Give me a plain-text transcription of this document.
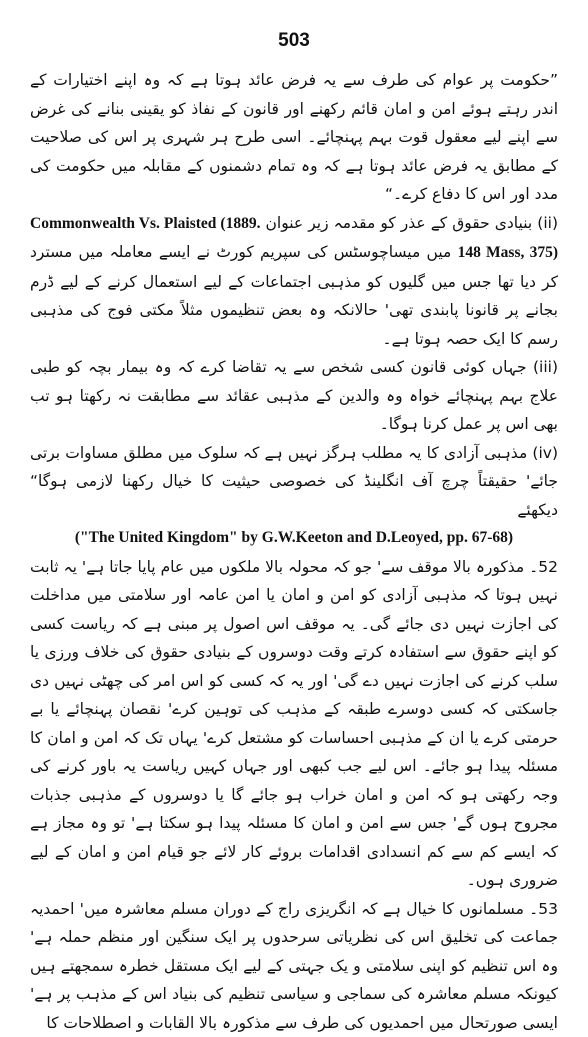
503

”حکومت پر عوام کی طرف سے یہ فرض عائد ہوتا ہے کہ وہ اپنے اختیارات کے اندر رہتے ہوئے امن و امان قائم رکھنے اور قانون کے نفاذ کو یقینی بنانے کی غرض سے اپنے لیے معقول قوت بہم پہنچائے۔ اسی طرح ہر شہری پر اس کی صلاحیت کے مطابق یہ فرض عائد ہوتا ہے کہ وہ تمام دشمنوں کے مقابلہ میں حکومت کی مدد اور اس کا دفاع کرے۔“

(ii) بنیادی حقوق کے عذر کو مقدمہ زیر عنوان Commonwealth Vs. Plaisted (1889. 148 Mass, 375) میں میساچوسٹس کی سپریم کورٹ نے ایسے معاملہ میں مسترد کر دیا تھا جس میں گلیوں کو مذہبی اجتماعات کے لیے استعمال کرنے کے لیے ڈرم بجانے پر قانونا پابندی تھی' حالانکہ وہ بعض تنظیموں مثلاً مکتی فوج کی مذہبی رسم کا ایک حصہ ہوتا ہے۔

(iii) جہاں کوئی قانون کسی شخص سے یہ تقاضا کرے کہ وہ بیمار بچہ کو طبی علاج بہم پہنچائے خواہ وہ والدین کے مذہبی عقائد سے مطابقت نہ رکھتا ہو تب بھی اس پر عمل کرنا ہوگا۔

(iv) مذہبی آزادی کا یہ مطلب ہرگز نہیں ہے کہ سلوک میں مطلق مساوات برتی جائے' حقیقتاً چرچ آف انگلینڈ کی خصوصی حیثیت کا خیال رکھنا لازمی ہوگا“ دیکھئے

("The United Kingdom" by G.W.Keeton and D.Leoyed, pp. 67-68)

52۔ مذکورہ بالا موقف سے' جو کہ محولہ بالا ملکوں میں عام پایا جاتا ہے' یہ ثابت نہیں ہوتا کہ مذہبی آزادی کو امن و امان یا امن عامہ اور سلامتی میں مداخلت کی اجازت نہیں دی جائے گی۔ یہ موقف اس اصول پر مبنی ہے کہ ریاست کسی کو اپنے حقوق سے استفادہ کرتے وقت دوسروں کے بنیادی حقوق کی خلاف ورزی یا سلب کرنے کی اجازت نہیں دے گی' اور یہ کہ کسی کو اس امر کی چھٹی نہیں دی جاسکتی کہ کسی دوسرے طبقہ کے مذہب کی توہین کرے' نقصان پہنچائے یا بے حرمتی کرے یا ان کے مذہبی احساسات کو مشتعل کرے' یہاں تک کہ امن و امان کا مسئلہ پیدا ہو جائے۔ اس لیے جب کبھی اور جہاں کہیں ریاست یہ باور کرنے کی وجہ رکھتی ہو کہ امن و امان خراب ہو جائے گا یا دوسروں کے مذہبی جذبات مجروح ہوں گے' جس سے امن و امان کا مسئلہ پیدا ہو سکتا ہے' تو وہ مجاز ہے کہ ایسے کم سے کم انسدادی اقدامات بروئے کار لائے جو قیام امن و امان کے لیے ضروری ہوں۔

53۔ مسلمانوں کا خیال ہے کہ انگریزی راج کے دوران مسلم معاشرہ میں' احمدیہ جماعت کی تخلیق اس کی نظریاتی سرحدوں پر ایک سنگین اور منظم حملہ ہے' وہ اس تنظیم کو اپنی سلامتی و یک جہتی کے لیے ایک مستقل خطرہ سمجھتے ہیں کیونکہ مسلم معاشرہ کی سماجی و سیاسی تنظیم کی بنیاد اس کے مذہب پر ہے' ایسی صورتحال میں احمدیوں کی طرف سے مذکورہ بالا القابات و اصطلاحات کا
